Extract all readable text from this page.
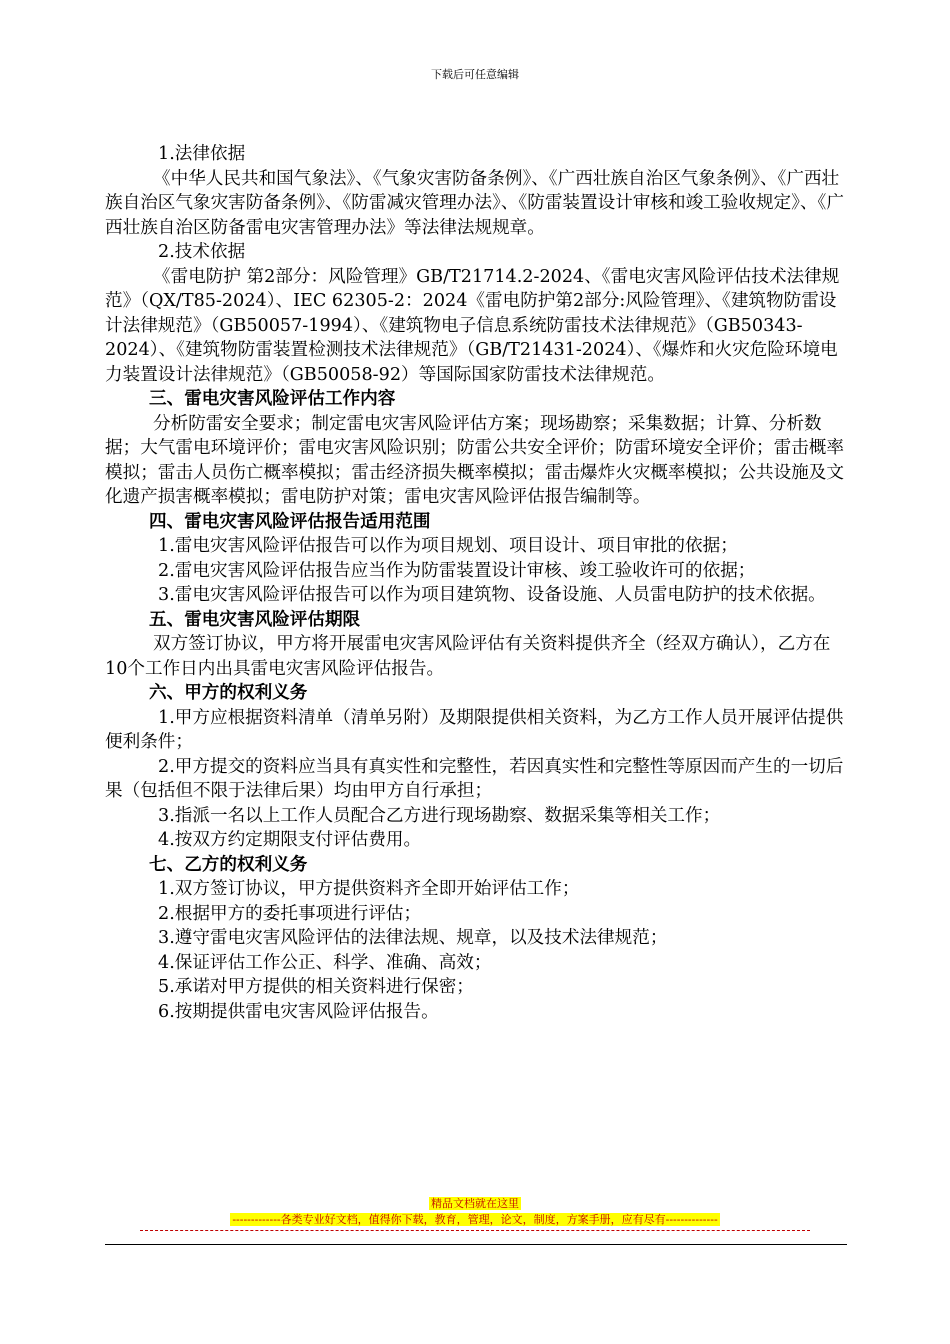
下载后可任意编辑

1.法律依据

《中华人民共和国气象法》、《气象灾害防备条例》、《广西壮族自治区气象条例》、《广西壮族自治区气象灾害防备条例》、《防雷减灾管理办法》、《防雷装置设计审核和竣工验收规定》、《广西壮族自治区防备雷电灾害管理办法》等法律法规规章。

2.技术依据

《雷电防护 第2部分：风险管理》GB/T21714.2-2024、《雷电灾害风险评估技术法律规范》（QX/T85-2024）、IEC 62305-2：2024《雷电防护第2部分:风险管理》、《建筑物防雷设计法律规范》（GB50057-1994）、《建筑物电子信息系统防雷技术法律规范》（GB50343-2024）、《建筑物防雷装置检测技术法律规范》（GB/T21431-2024）、《爆炸和火灾危险环境电力装置设计法律规范》（GB50058-92）等国际国家防雷技术法律规范。

三、雷电灾害风险评估工作内容

分析防雷安全要求；制定雷电灾害风险评估方案；现场勘察；采集数据；计算、分析数据；大气雷电环境评价；雷电灾害风险识别；防雷公共安全评价；防雷环境安全评价；雷击概率模拟；雷击人员伤亡概率模拟；雷击经济损失概率模拟；雷击爆炸火灾概率模拟；公共设施及文化遗产损害概率模拟；雷电防护对策；雷电灾害风险评估报告编制等。

四、雷电灾害风险评估报告适用范围

1.雷电灾害风险评估报告可以作为项目规划、项目设计、项目审批的依据；

2.雷电灾害风险评估报告应当作为防雷装置设计审核、竣工验收许可的依据；

3.雷电灾害风险评估报告可以作为项目建筑物、设备设施、人员雷电防护的技术依据。

五、雷电灾害风险评估期限

双方签订协议，甲方将开展雷电灾害风险评估有关资料提供齐全（经双方确认），乙方在10个工作日内出具雷电灾害风险评估报告。

六、甲方的权利义务

1.甲方应根据资料清单（清单另附）及期限提供相关资料，为乙方工作人员开展评估提供便利条件；

2.甲方提交的资料应当具有真实性和完整性，若因真实性和完整性等原因而产生的一切后果（包括但不限于法律后果）均由甲方自行承担；

3.指派一名以上工作人员配合乙方进行现场勘察、数据采集等相关工作；

4.按双方约定期限支付评估费用。

七、乙方的权利义务

1.双方签订协议，甲方提供资料齐全即开始评估工作；

2.根据甲方的委托事项进行评估；

3.遵守雷电灾害风险评估的法律法规、规章，以及技术法律规范；

4.保证评估工作公正、科学、准确、高效；

5.承诺对甲方提供的相关资料进行保密；

6.按期提供雷电灾害风险评估报告。

精品文档就在这里
-------------各类专业好文档，值得你下载，教育，管理，论文，制度，方案手册，应有尽有--------------
